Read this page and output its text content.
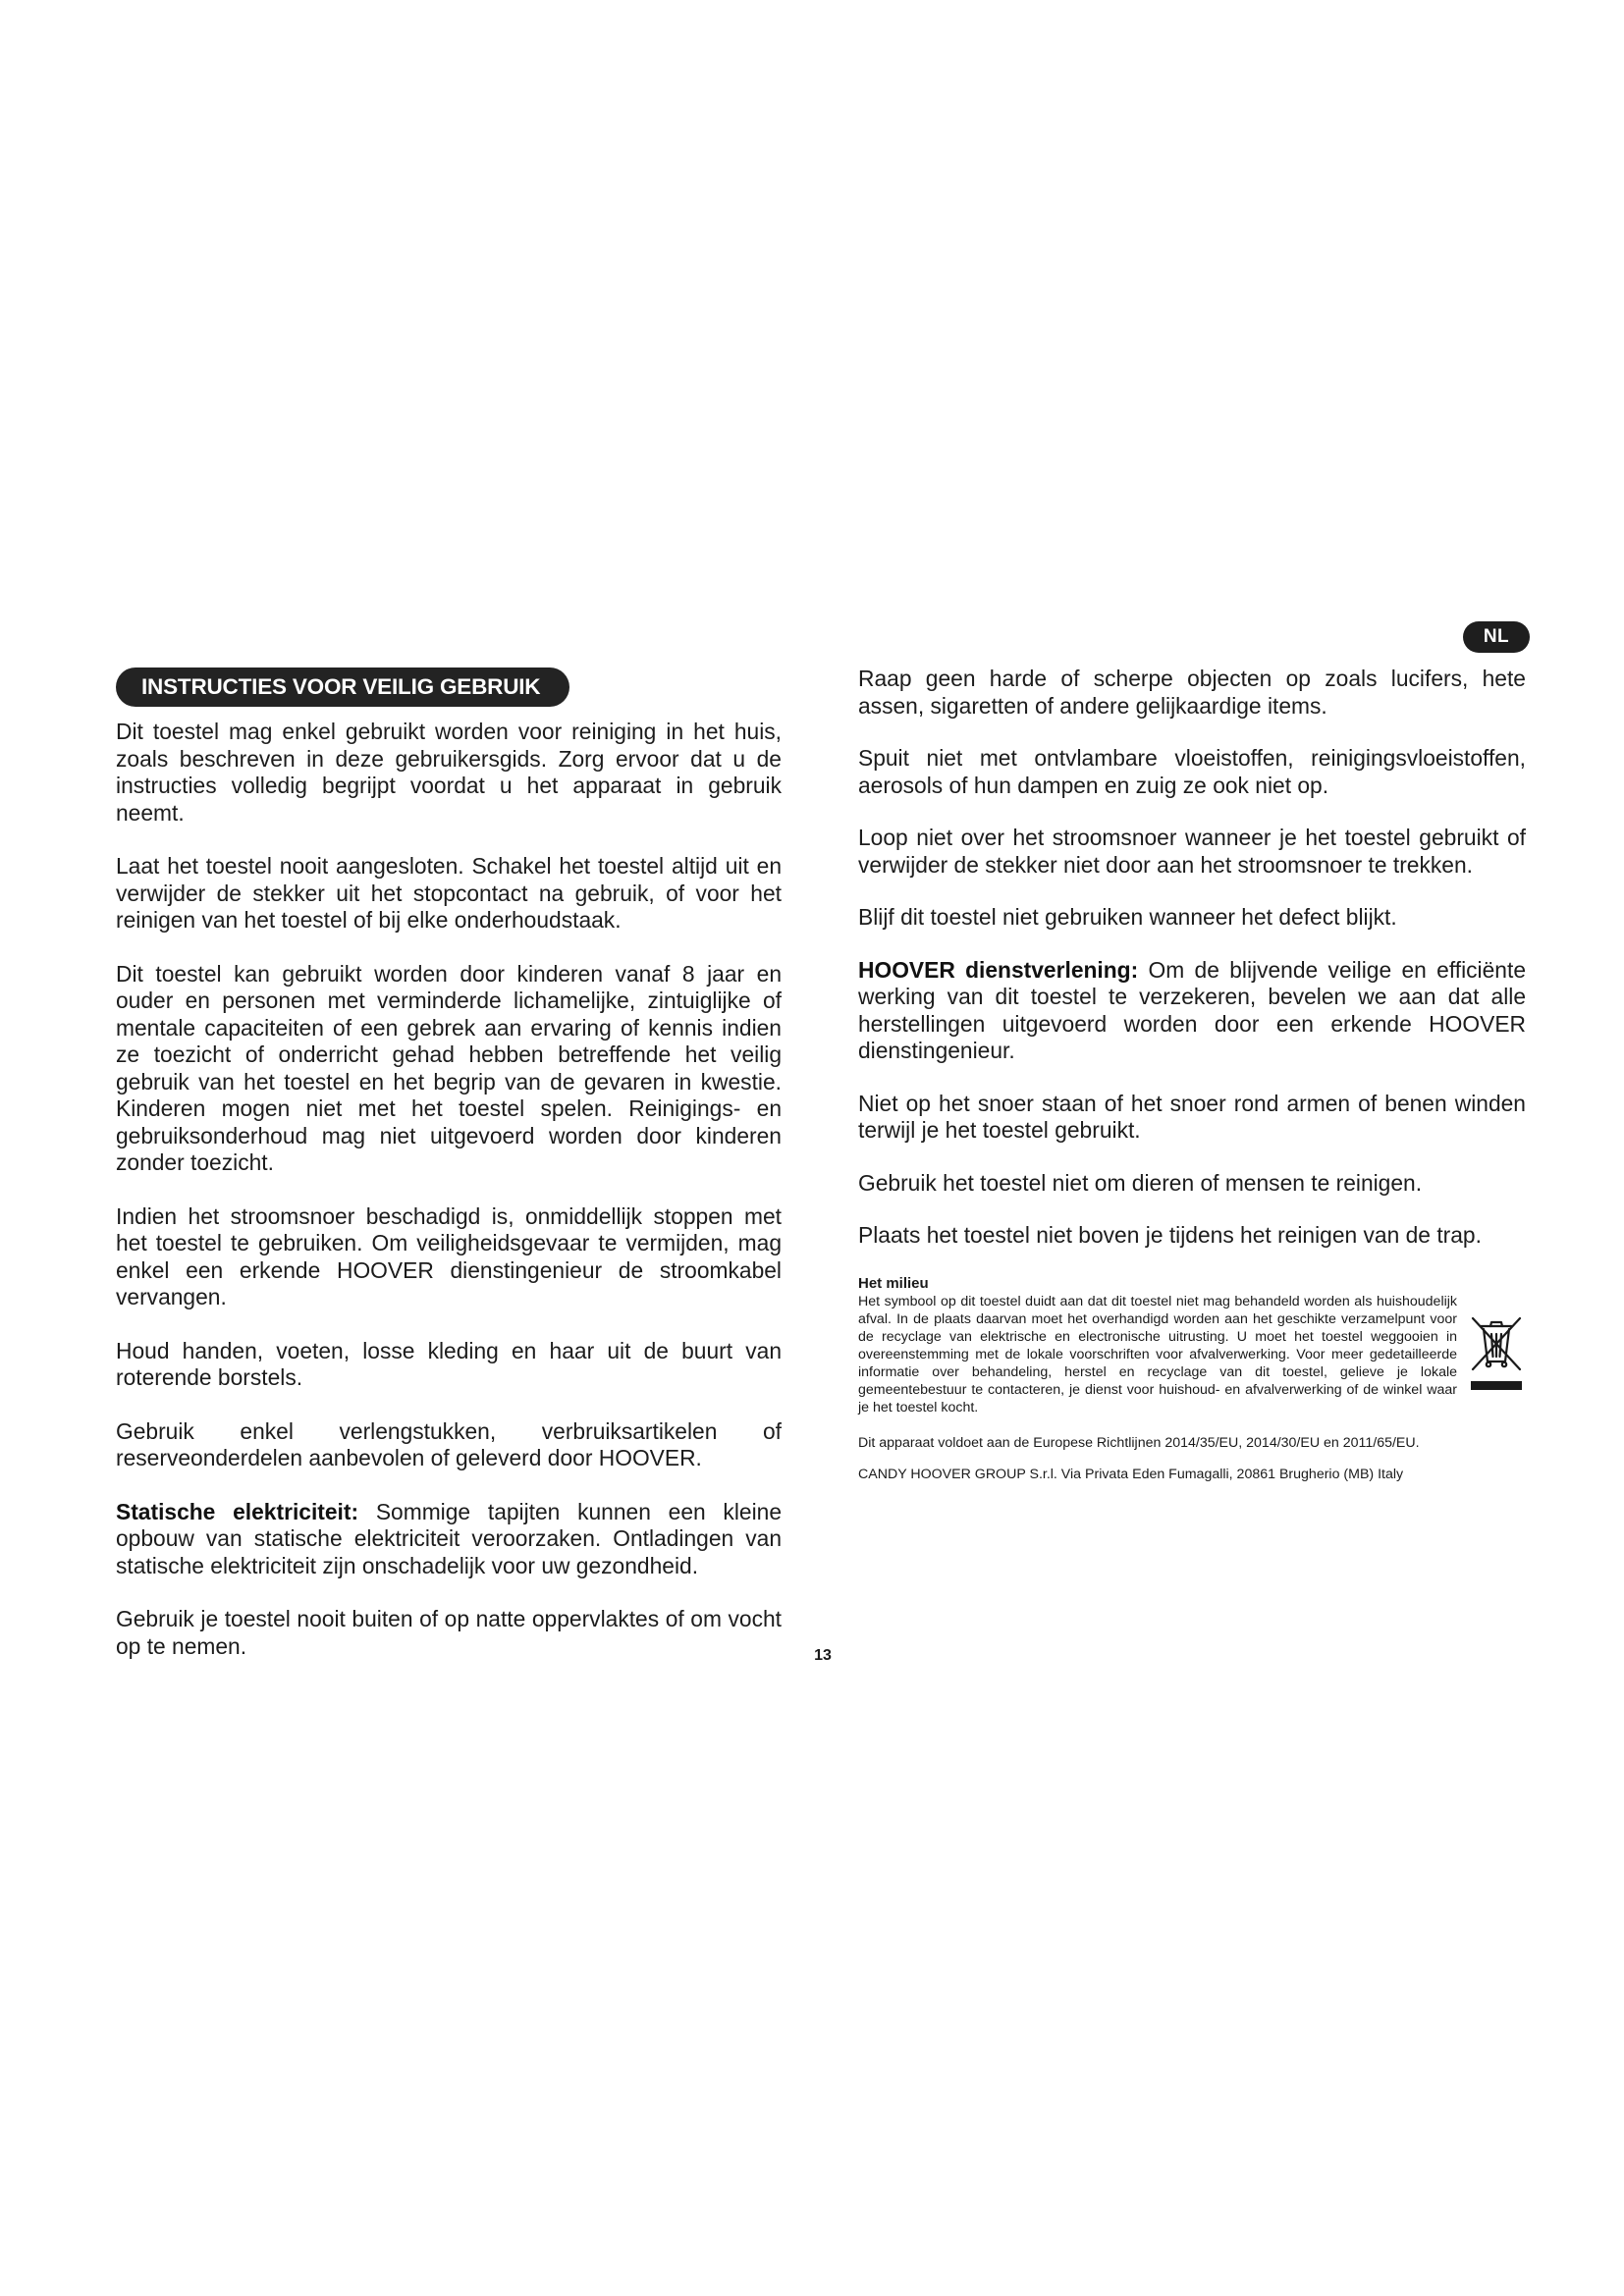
NL
INSTRUCTIES VOOR VEILIG GEBRUIK

Dit toestel mag enkel gebruikt worden voor reiniging in het huis, zoals beschreven in deze gebruikersgids. Zorg ervoor dat u de instructies volledig begrijpt voordat u het apparaat in gebruik neemt.

Laat het toestel nooit aangesloten. Schakel het toestel altijd uit en verwijder de stekker uit het stopcontact na gebruik, of voor het reinigen van het toestel of bij elke onderhoudstaak.

Dit toestel kan gebruikt worden door kinderen vanaf 8 jaar en ouder en personen met verminderde lichamelijke, zintuiglijke of mentale capaciteiten of een gebrek aan ervaring of kennis indien ze toezicht of onderricht gehad hebben betreffende het veilig gebruik van het toestel en het begrip van de gevaren in kwestie. Kinderen mogen niet met het toestel spelen. Reinigings- en gebruiksonderhoud mag niet uitgevoerd worden door kinderen zonder toezicht.

Indien het stroomsnoer beschadigd is, onmiddellijk stoppen met het toestel te gebruiken. Om veiligheidsgevaar te vermijden, mag enkel een erkende HOOVER dienstingenieur de stroomkabel vervangen.

Houd handen, voeten, losse kleding en haar uit de buurt van roterende borstels.

Gebruik enkel verlengstukken, verbruiksartikelen of reserveonderdelen aanbevolen of geleverd door HOOVER.

Statische elektriciteit: Sommige tapijten kunnen een kleine opbouw van statische elektriciteit veroorzaken. Ontladingen van statische elektriciteit zijn onschadelijk voor uw gezondheid.

Gebruik je toestel nooit buiten of op natte oppervlaktes of om vocht op te nemen.

Raap geen harde of scherpe objecten op zoals lucifers, hete assen, sigaretten of andere gelijkaardige items.

Spuit niet met ontvlambare vloeistoffen, reinigingsvloeistoffen, aerosols of hun dampen en zuig ze ook niet op.

Loop niet over het stroomsnoer wanneer je het toestel gebruikt of verwijder de stekker niet door aan het stroomsnoer te trekken.

Blijf dit toestel niet gebruiken wanneer het defect blijkt.

HOOVER dienstverlening: Om de blijvende veilige en efficiënte werking van dit toestel te verzekeren, bevelen we aan dat alle herstellingen uitgevoerd worden door een erkende HOOVER dienstingenieur.

Niet op het snoer staan of het snoer rond armen of benen winden terwijl je het toestel gebruikt.

Gebruik het toestel niet om dieren of mensen te reinigen.

Plaats het toestel niet boven je tijdens het reinigen van de trap.

Het milieu

Het symbool op dit toestel duidt aan dat dit toestel niet mag behandeld worden als huishoudelijk afval. In de plaats daarvan moet het overhandigd worden aan het geschikte verzamelpunt voor de recyclage van elektrische en electronische uitrusting. U moet het toestel weggooien in overeenstemming met de lokale voorschriften voor afvalverwerking. Voor meer gedetailleerde informatie over behandeling, herstel en recyclage van dit toestel, gelieve je lokale gemeentebestuur te contacteren, je dienst voor huishoud- en afvalverwerking of de winkel waar je het toestel kocht.

Dit apparaat voldoet aan de Europese Richtlijnen 2014/35/EU, 2014/30/EU en 2011/65/EU.

CANDY HOOVER GROUP S.r.l. Via Privata Eden Fumagalli, 20861 Brugherio (MB) Italy

13
